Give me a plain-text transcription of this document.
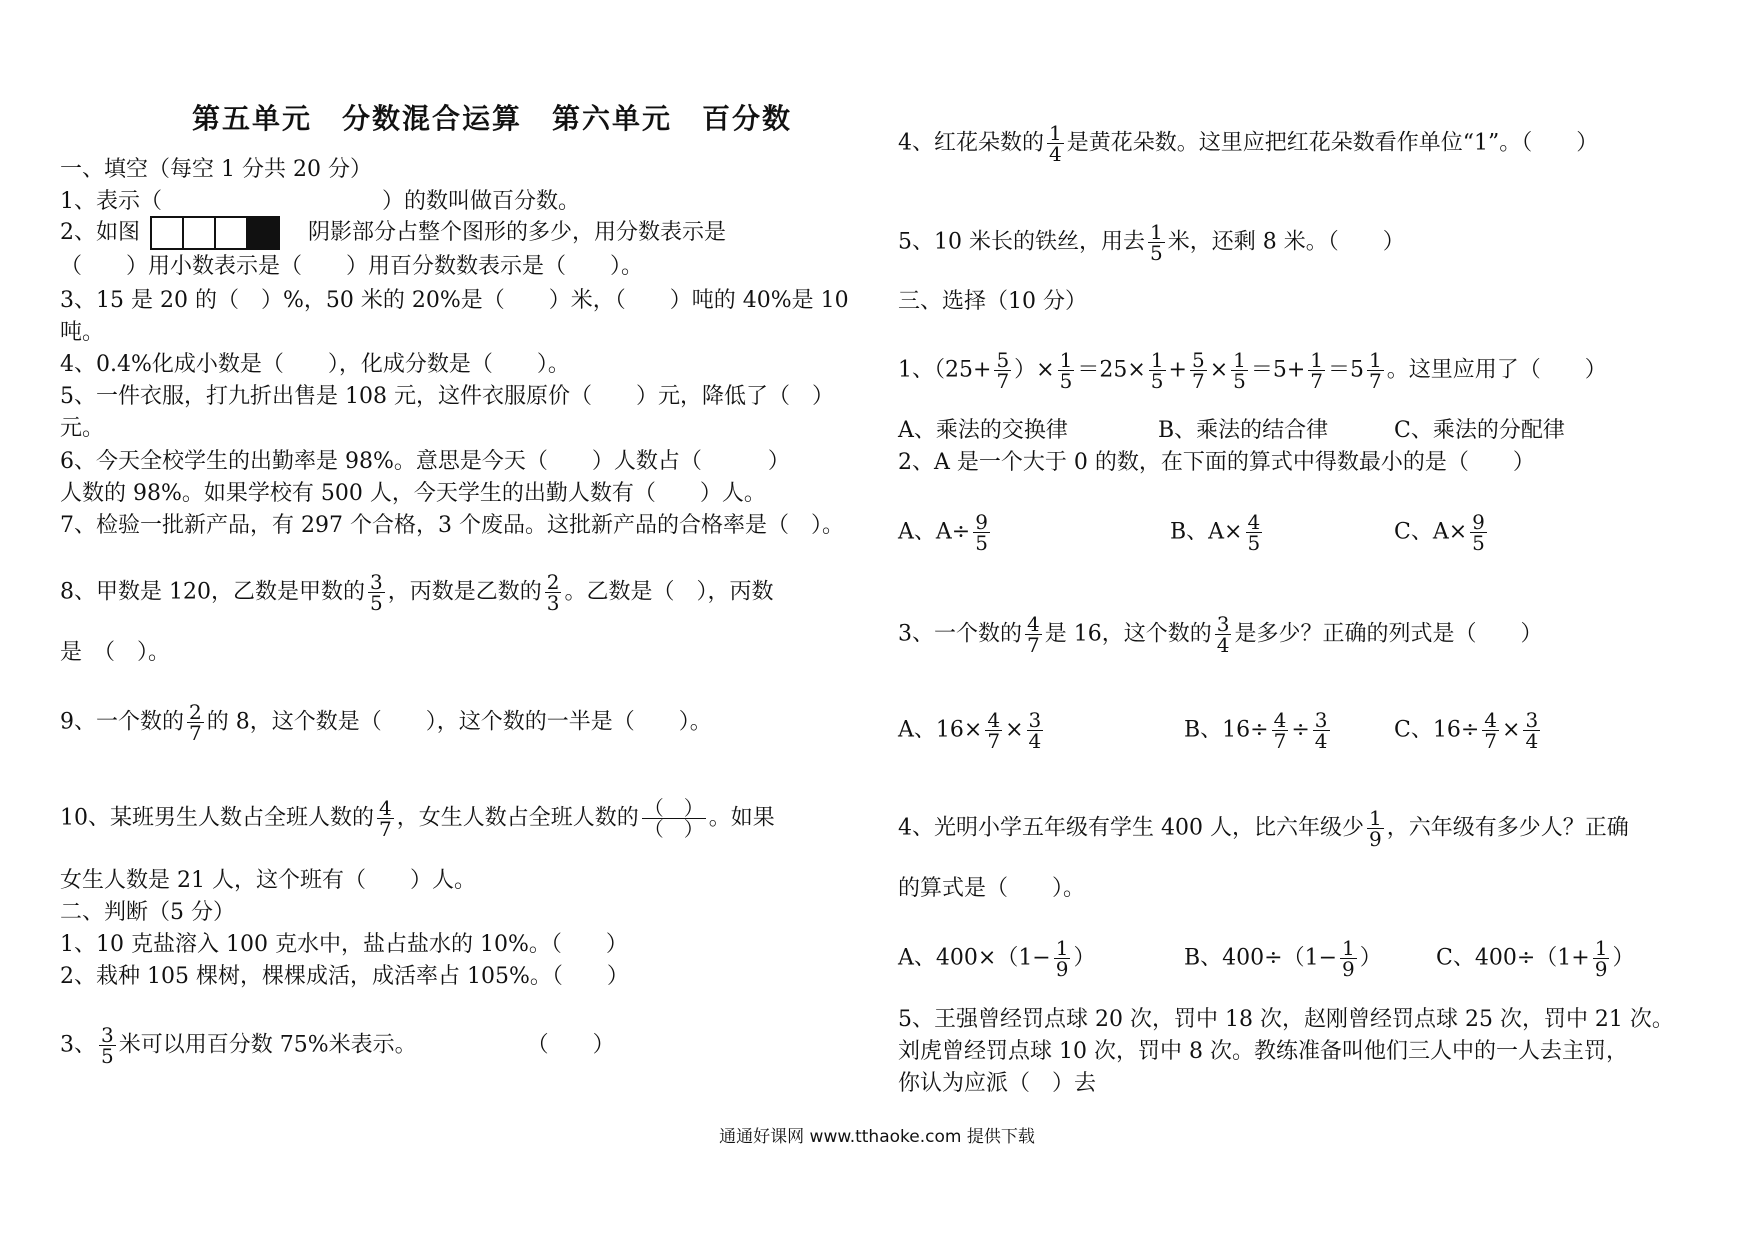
第五单元　分数混合运算　第六单元　百分数
一、填空（每空 1 分共 20 分）
1、表示（　　　　　　　　　　）的数叫做百分数。
2、如图	阴影部分占整个图形的多少，用分数表示是
（　　）用小数表示是（　　）用百分数数表示是（　　）。
3、15 是 20 的（　）%，50 米的 20%是（　　）米，（　　）吨的 40%是 10
吨。
4、0.4%化成小数是（　　），化成分数是（　　）。
5、一件衣服，打九折出售是 108 元，这件衣服原价（　　）元，降低了（　）
元。
6、今天全校学生的出勤率是 98%。意思是今天（　　）人数占（　　　）
人数的 98%。如果学校有 500 人，今天学生的出勤人数有（　　）人。
7、检验一批新产品，有 297 个合格，3 个废品。这批新产品的合格率是（　）。
8、甲数是 120，乙数是甲数的 $\frac{3}{5}$ ，丙数是乙数的 $\frac{2}{3}$ 。乙数是（　），丙数
是　（　）。
9、一个数的 $\frac{2}{7}$ 的 8，这个数是（　　），这个数的一半是（　　）。
10、某班男生人数占全班人数的 $\frac{4}{7}$ ，女生人数占全班人数的 $\frac{( )}{( )}$ 。如果
女生人数是 21 人，这个班有（　　）人。
二、判断（5 分）
1、10 克盐溶入 100 克水中，盐占盐水的 10%。（　　）
2、栽种 105 棵树，棵棵成活，成活率占 105%。（　　）
3、 $\frac{3}{5}$ 米可以用百分数 75%米表示。　　　　　　（　　）
4、红花朵数的 $\frac{1}{4}$ 是黄花朵数。这里应把红花朵数看作单位“1”。（　　）
5、10 米长的铁丝，用去 $\frac{1}{5}$ 米，还剩 8 米。（　　）
三、选择（10 分）
1、（$25+ \frac{5}{7}$ ）× $\frac{1}{5} =25\times \frac{1}{5} + \frac{5}{7} \times \frac{1}{5} =5+ \frac{1}{7} =5 \frac{1}{7}$ 。这里应用了（　　）
A、乘法的交换律	B、乘法的结合律	C、乘法的分配律
2、A 是一个大于 0 的数，在下面的算式中得数最小的是（　　）
A、$A\div \frac{9}{5}$	B、$A\times \frac{4}{5}$	C、$A\times \frac{9}{5}$
3、一个数的 $\frac{4}{7}$ 是 16，这个数的 $\frac{3}{4}$ 是多少？正确的列式是（　　）
A、$16\times \frac{4}{7} \times \frac{3}{4}$	B、$16\div \frac{4}{7} \div \frac{3}{4}$	C、$16\div \frac{4}{7} \times \frac{3}{4}$
4、光明小学五年级有学生 400 人，比六年级少 $\frac{1}{9}$ ，六年级有多少人？正确
的算式是（　　）。
A、$400\times(1- \frac{1}{9}$ ）	B、$400\div(1- \frac{1}{9}$ ） C、$400\div(1+ \frac{1}{9}$ ）
5、王强曾经罚点球 20 次，罚中 18 次，赵刚曾经罚点球 25 次，罚中 21 次。
刘虎曾经罚点球 10 次，罚中 8 次。教练准备叫他们三人中的一人去主罚，
你认为应派（　）去
通通好课网 www.tthaoke.com 提供下载
